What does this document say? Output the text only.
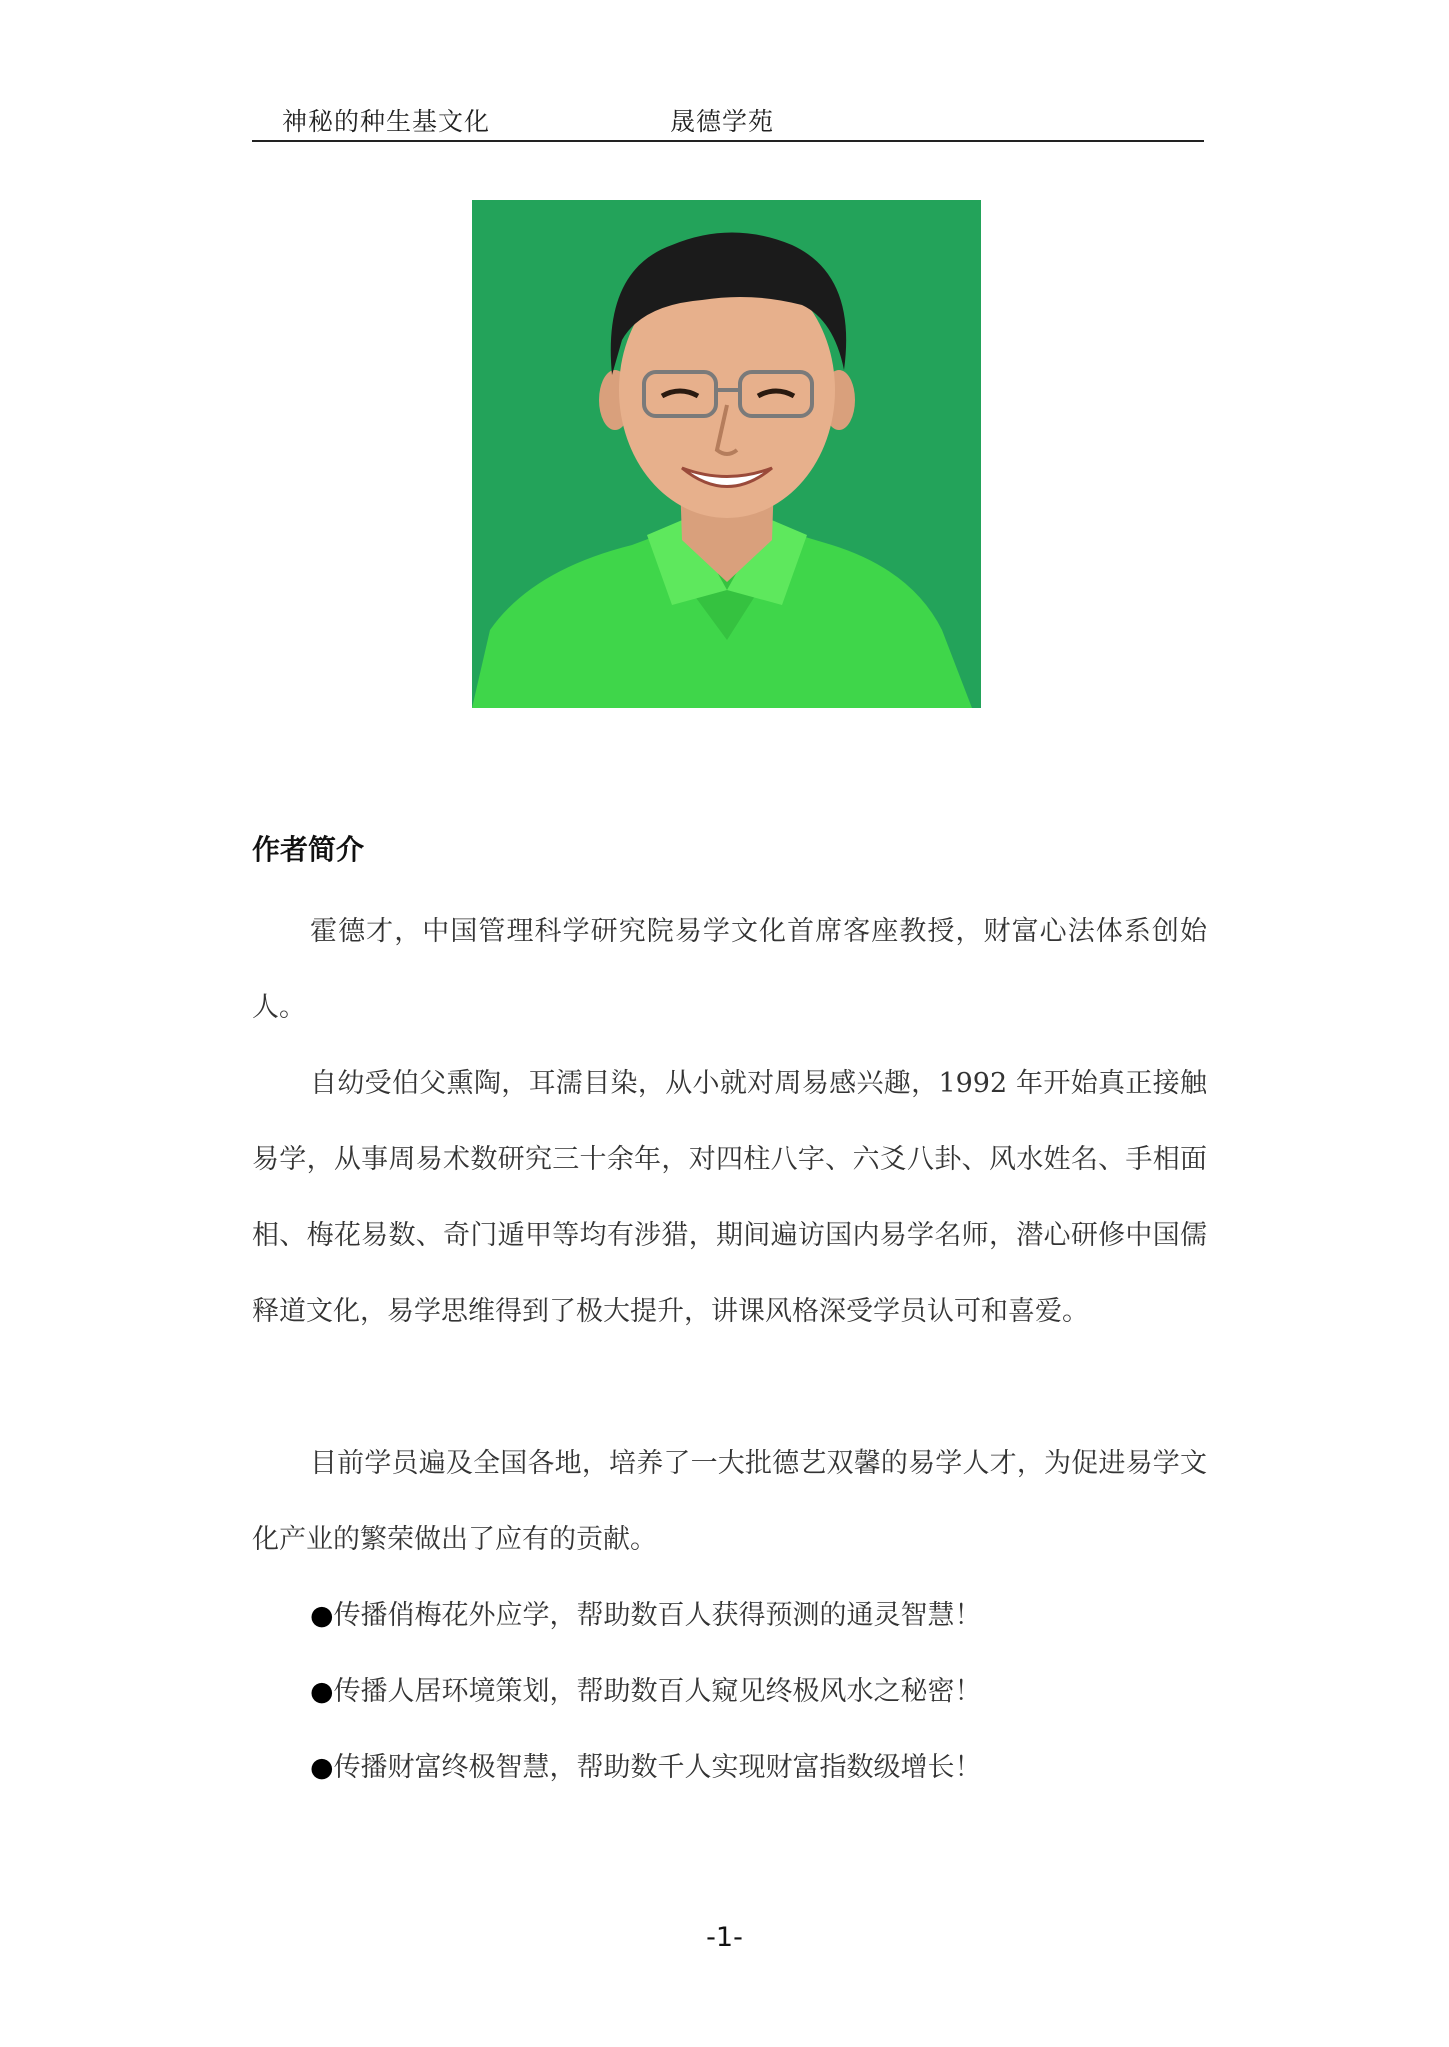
神秘的种生基文化	晟德学苑
作者简介

霍德才，中国管理科学研究院易学文化首席客座教授，财富心法体系创始人。

自幼受伯父熏陶，耳濡目染，从小就对周易感兴趣，1992 年开始真正接触易学，从事周易术数研究三十余年，对四柱八字、六爻八卦、风水姓名、手相面相、梅花易数、奇门遁甲等均有涉猎，期间遍访国内易学名师，潜心研修中国儒释道文化，易学思维得到了极大提升，讲课风格深受学员认可和喜爱。

目前学员遍及全国各地，培养了一大批德艺双馨的易学人才，为促进易学文化产业的繁荣做出了应有的贡献。

●传播俏梅花外应学，帮助数百人获得预测的通灵智慧！
●传播人居环境策划，帮助数百人窥见终极风水之秘密！
●传播财富终极智慧，帮助数千人实现财富指数级增长！
-1-
